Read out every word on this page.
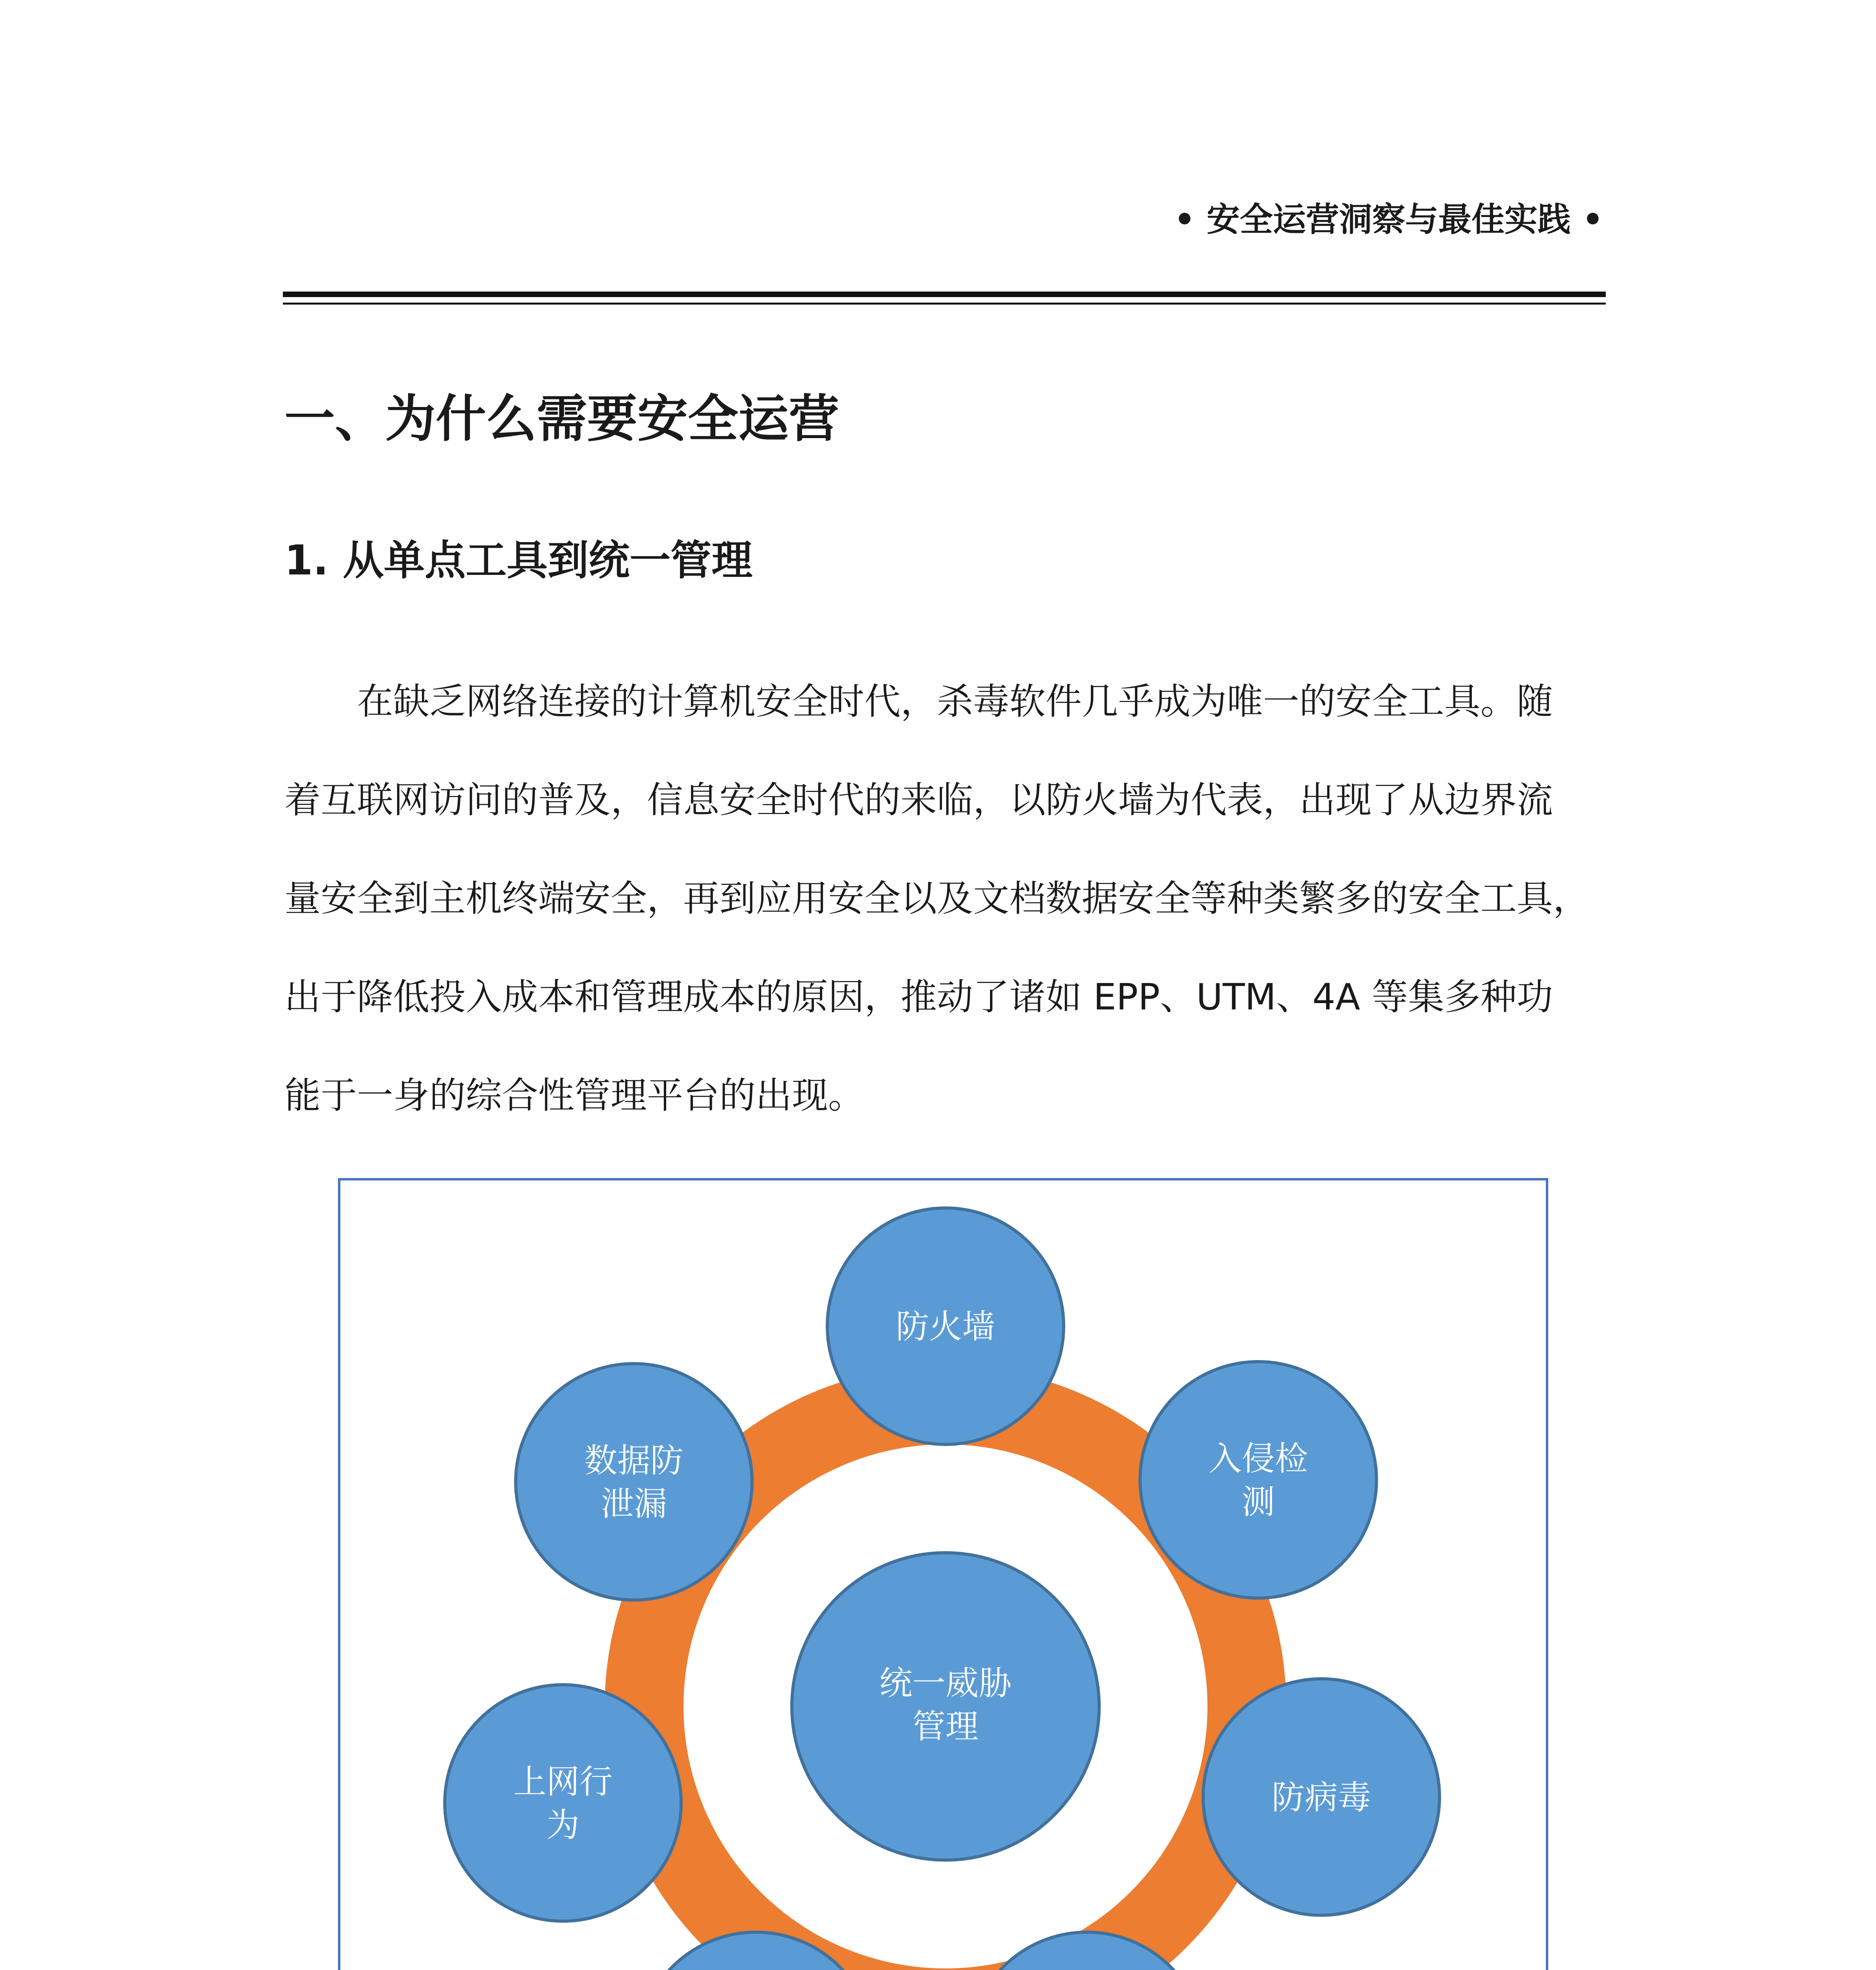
• 安全运营洞察与最佳实践 •
一、为什么需要安全运营
1. 从单点工具到统一管理
在缺乏网络连接的计算机安全时代，杀毒软件几乎成为唯一的安全工具。随
着互联网访问的普及，信息安全时代的来临，以防火墙为代表，出现了从边界流
量安全到主机终端安全，再到应用安全以及文档数据安全等种类繁多的安全工具，
出于降低投入成本和管理成本的原因，推动了诸如 EPP、UTM、4A 等集多种功
能于一身的综合性管理平台的出现。
统一威胁
管理
防火墙
入侵检
测
防病毒
上网行
为
数据防
泄漏
